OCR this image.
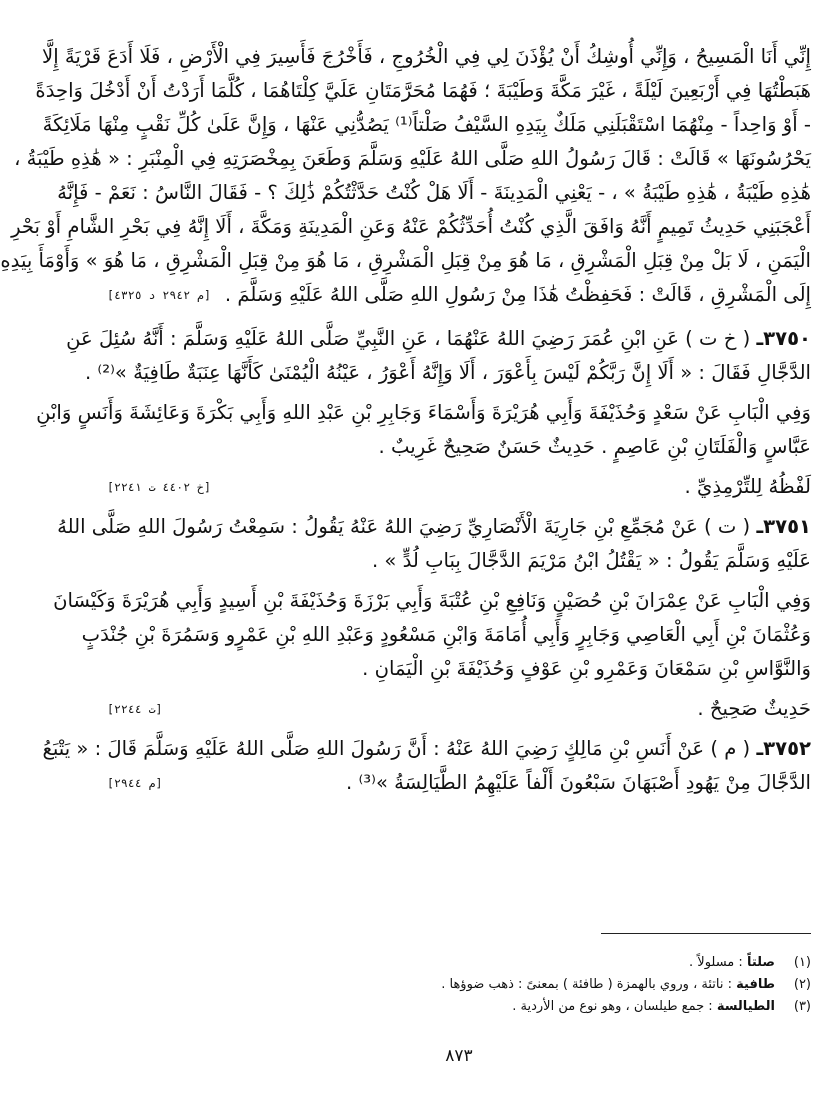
إِنِّي أَنَا الْمَسِيحُ ، وَإِنِّي أُوشِكُ أَنْ يُؤْذَنَ لِي فِي الْخُرُوجِ ، فَأَخْرُجَ فَأَسِيرَ فِي الْأَرْضِ ، فَلَا أَدَعَ قَرْيَةً إِلَّا
هَبَطْتُهَا فِي أَرْبَعِينَ لَيْلَةً ، غَيْرَ مَكَّةَ وَطَيْبَةَ ؛ فَهُمَا مُحَرَّمَتَانِ عَلَيَّ كِلْتَاهُمَا ، كُلَّمَا أَرَدْتُ أَنْ أَدْخُلَ وَاحِدَةً
- أَوْ وَاحِداً - مِنْهُمَا اسْتَقْبَلَنِي مَلَكٌ بِيَدِهِ السَّيْفُ صَلْتاً⁽¹⁾ يَصُدُّنِي عَنْهَا ، وَإِنَّ عَلَىٰ كُلِّ نَقْبٍ مِنْهَا مَلَائِكَةً
يَحْرُسُونَهَا » قَالَتْ : قَالَ رَسُولُ اللهِ صَلَّى اللهُ عَلَيْهِ وَسَلَّمَ وَطَعَنَ بِمِخْصَرَتِهِ فِي الْمِنْبَرِ : « هَٰذِهِ طَيْبَةُ ،
هَٰذِهِ طَيْبَةُ ، هَٰذِهِ طَيْبَةُ » ، - يَعْنِي الْمَدِينَةَ - أَلَا هَلْ كُنْتُ حَدَّثْتُكُمْ ذَٰلِكَ ؟ - فَقَالَ النَّاسُ : نَعَمْ - فَإِنَّهُ
أَعْجَبَنِي حَدِيثُ تَمِيمٍ أَنَّهُ وَافَقَ الَّذِي كُنْتُ أُحَدِّثُكُمْ عَنْهُ وَعَنِ الْمَدِينَةِ وَمَكَّةَ ، أَلَا إِنَّهُ فِي بَحْرِ الشَّامِ أَوْ بَحْرِ
الْيَمَنِ ، لَا بَلْ مِنْ قِبَلِ الْمَشْرِقِ ، مَا هُوَ مِنْ قِبَلِ الْمَشْرِقِ ، مَا هُوَ مِنْ قِبَلِ الْمَشْرِقِ ، مَا هُوَ » وَأَوْمَأَ بِيَدِهِ
إِلَى الْمَشْرِقِ ، قَالَتْ : فَحَفِظْتُ هَٰذَا مِنْ رَسُولِ اللهِ صَلَّى اللهُ عَلَيْهِ وَسَلَّمَ .
[م ٢٩٤٢ د ٤٣٢٥]
٣٧٥٠ـ ( خ ت ) عَنِ ابْنِ عُمَرَ رَضِيَ اللهُ عَنْهُمَا ، عَنِ النَّبِيِّ صَلَّى اللهُ عَلَيْهِ وَسَلَّمَ : أَنَّهُ سُئِلَ عَنِ
الدَّجَّالِ فَقَالَ : « أَلَا إِنَّ رَبَّكُمْ لَيْسَ بِأَعْوَرَ ، أَلَا وَإِنَّهُ أَعْوَرُ ، عَيْنُهُ الْيُمْنَىٰ كَأَنَّهَا عِنَبَةٌ طَافِيَةٌ »⁽²⁾ .
وَفِي الْبَابِ عَنْ سَعْدٍ وَحُذَيْفَةَ وَأَبِي هُرَيْرَةَ وَأَسْمَاءَ وَجَابِرِ بْنِ عَبْدِ اللهِ وَأَبِي بَكْرَةَ وَعَائِشَةَ وَأَنَسٍ وَابْنِ
عَبَّاسٍ وَالْفَلَتَانِ بْنِ عَاصِمٍ . حَدِيثٌ حَسَنٌ صَحِيحٌ غَرِيبٌ .
لَفْظُهُ لِلتِّرْمِذِيِّ .
[خ ٤٤٠٢ ت ٢٢٤١]
٣٧٥١ـ ( ت ) عَنْ مُجَمِّعِ بْنِ جَارِيَةَ الْأَنْصَارِيِّ رَضِيَ اللهُ عَنْهُ يَقُولُ : سَمِعْتُ رَسُولَ اللهِ صَلَّى اللهُ
عَلَيْهِ وَسَلَّمَ يَقُولُ : « يَقْتُلُ ابْنُ مَرْيَمَ الدَّجَّالَ بِبَابِ لُدٍّ » .
وَفِي الْبَابِ عَنْ عِمْرَانَ بْنِ حُصَيْنٍ وَنَافِعِ بْنِ عُتْبَةَ وَأَبِي بَرْزَةَ وَحُذَيْفَةَ بْنِ أَسِيدٍ وَأَبِي هُرَيْرَةَ وَكَيْسَانَ
وَعُثْمَانَ بْنِ أَبِي الْعَاصِي وَجَابِرٍ وَأَبِي أُمَامَةَ وَابْنِ مَسْعُودٍ وَعَبْدِ اللهِ بْنِ عَمْرٍو وَسَمُرَةَ بْنِ جُنْدَبٍ
وَالنَّوَّاسِ بْنِ سَمْعَانَ وَعَمْرِو بْنِ عَوْفٍ وَحُذَيْفَةَ بْنِ الْيَمَانِ .
حَدِيثٌ صَحِيحٌ .
[ت ٢٢٤٤]
٣٧٥٢ـ ( م ) عَنْ أَنَسِ بْنِ مَالِكٍ رَضِيَ اللهُ عَنْهُ : أَنَّ رَسُولَ اللهِ صَلَّى اللهُ عَلَيْهِ وَسَلَّمَ قَالَ : « يَتْبَعُ
الدَّجَّالَ مِنْ يَهُودِ أَصْبَهَانَ سَبْعُونَ أَلْفاً عَلَيْهِمُ الطَّيَالِسَةُ »⁽³⁾ .
[م ٢٩٤٤]
(١)صلتاً : مسلولاً .
(٢)طافية : ناتئة ، وروي بالهمزة ( طافئة ) بمعنىً : ذهب ضوؤها .
(٣)الطيالسة : جمع طيلسان ، وهو نوع من الأردية .
٨٧٣
